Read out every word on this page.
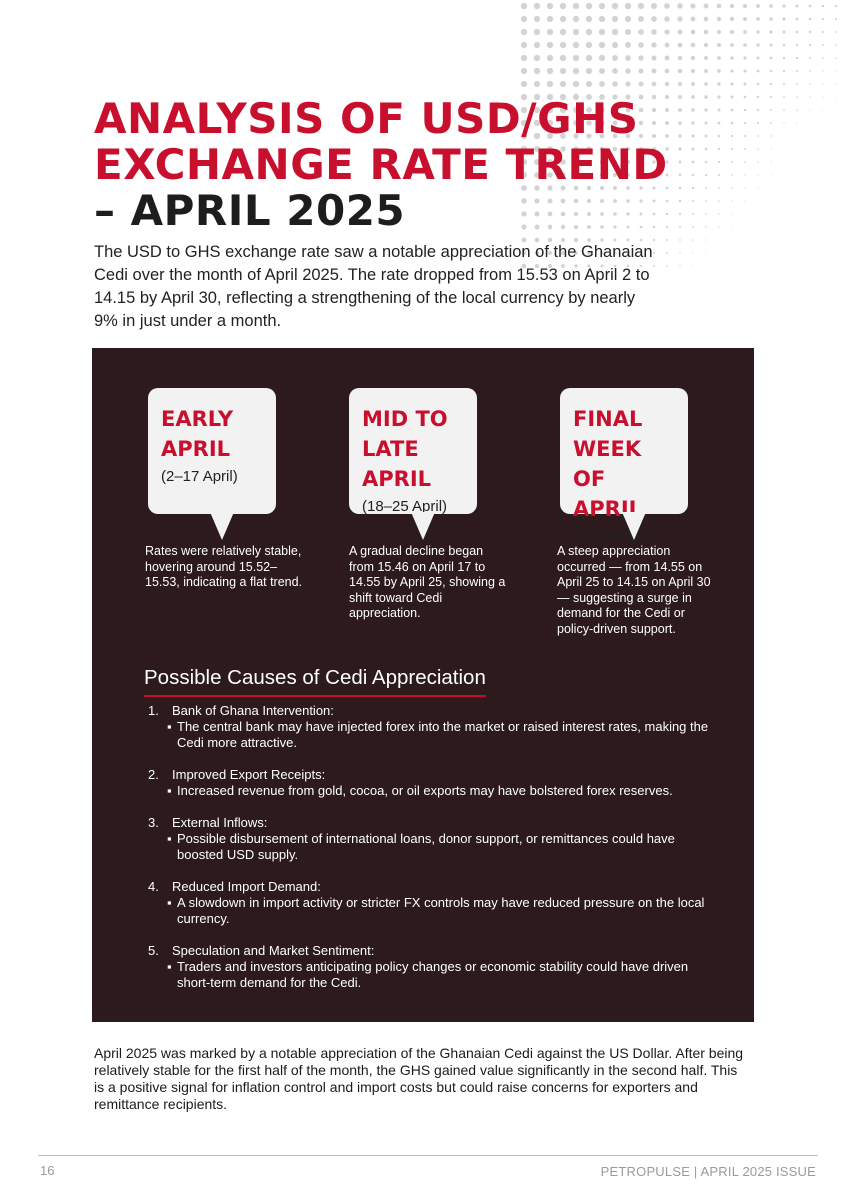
ANALYSIS OF USD/GHS
EXCHANGE RATE TREND
– APRIL 2025

The USD to GHS exchange rate saw a notable appreciation of the Ghanaian Cedi over the month of April 2025. The rate dropped from 15.53 on April 2 to 14.15 by April 30, reflecting a strengthening of the local currency by nearly 9% in just under a month.

EARLY
APRIL
(2–17 April)

Rates were relatively stable, hovering around 15.52–15.53, indicating a flat trend.

MID TO
LATE APRIL
(18–25 April)

A gradual decline began from 15.46 on April 17 to 14.55 by April 25, showing a shift toward Cedi appreciation.

FINAL WEEK
OF APRIL
(25–30 April)

A steep appreciation occurred — from 14.55 on April 25 to 14.15 on April 30 — suggesting a surge in demand for the Cedi or policy-driven support.

Possible Causes of Cedi Appreciation
1. Bank of Ghana Intervention:
▪ The central bank may have injected forex into the market or raised interest rates, making the Cedi more attractive.
2. Improved Export Receipts:
▪ Increased revenue from gold, cocoa, or oil exports may have bolstered forex reserves.
3. External Inflows:
▪ Possible disbursement of international loans, donor support, or remittances could have boosted USD supply.
4. Reduced Import Demand:
▪ A slowdown in import activity or stricter FX controls may have reduced pressure on the local currency.
5. Speculation and Market Sentiment:
▪ Traders and investors anticipating policy changes or economic stability could have driven short-term demand for the Cedi.

April 2025 was marked by a notable appreciation of the Ghanaian Cedi against the US Dollar. After being relatively stable for the first half of the month, the GHS gained value significantly in the second half. This is a positive signal for inflation control and import costs but could raise concerns for exporters and remittance recipients.

16	PETROPULSE | APRIL 2025 ISSUE
